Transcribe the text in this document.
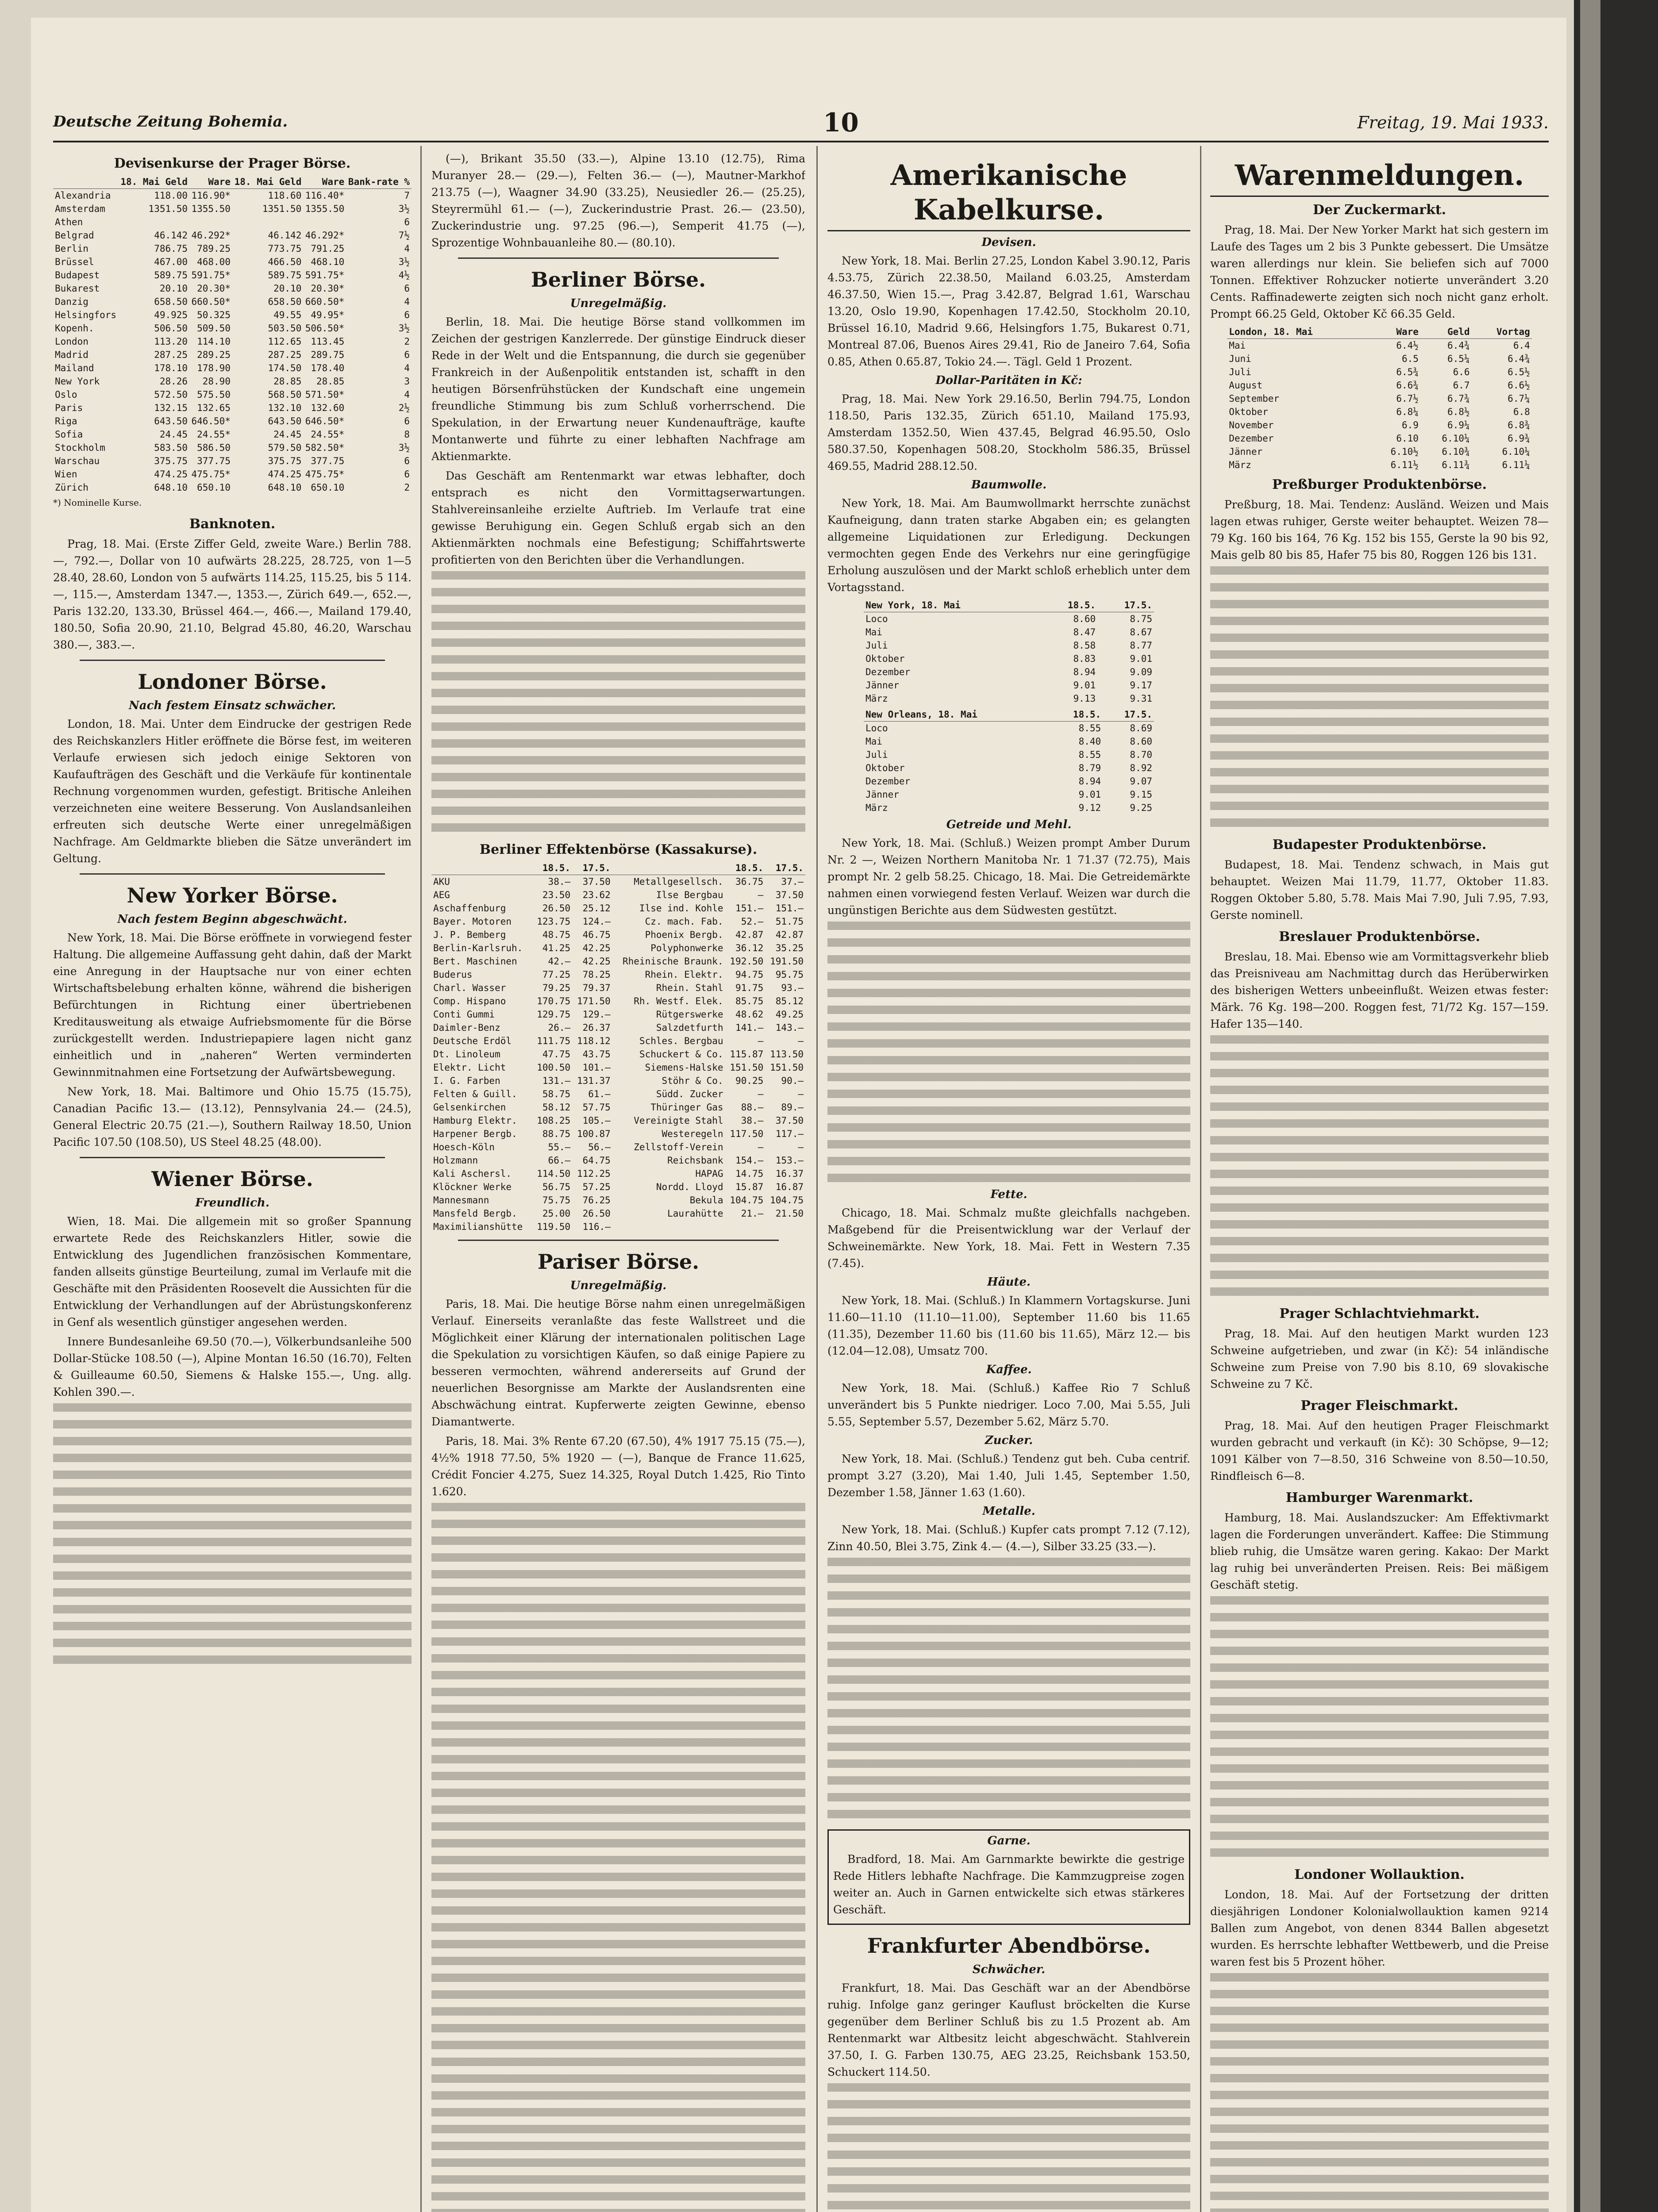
Deutsche Zeitung Bohemia.	10	Freitag, 19. Mai 1933.
Devisenkurse der Prager Börse.
	18. Mai Geld	Ware	18. Mai Geld	Ware	Bank-rate %
Alexandria	118.00	116.90*	118.60	116.40*	7
Amsterdam	1351.50	1355.50	1351.50	1355.50	3½
Athen					6
Belgrad	46.142	46.292*	46.142	46.292*	7½
Berlin	786.75	789.25	773.75	791.25	4
Brüssel	467.00	468.00	466.50	468.10	3½
Budapest	589.75	591.75*	589.75	591.75*	4½
Bukarest	20.10	20.30*	20.10	20.30*	6
Danzig	658.50	660.50*	658.50	660.50*	4
Helsingfors	49.925	50.325	49.55	49.95*	6
Kopenh.	506.50	509.50	503.50	506.50*	3½
London	113.20	114.10	112.65	113.45	2
Madrid	287.25	289.25	287.25	289.75	6
Mailand	178.10	178.90	174.50	178.40	4
New York	28.26	28.90	28.85	28.85	3
Oslo	572.50	575.50	568.50	571.50*	4
Paris	132.15	132.65	132.10	132.60	2½
Riga	643.50	646.50*	643.50	646.50*	6
Sofia	24.45	24.55*	24.45	24.55*	8
Stockholm	583.50	586.50	579.50	582.50*	3½
Warschau	375.75	377.75	375.75	377.75	6
Wien	474.25	475.75*	474.25	475.75*	6
Zürich	648.10	650.10	648.10	650.10	2
*) Nominelle Kurse.
Banknoten.

Prag, 18. Mai. (Erste Ziffer Geld, zweite Ware.) Berlin 788.—, 792.—, Dollar von 10 aufwärts 28.225, 28.725, von 1—5 28.40, 28.60, London von 5 aufwärts 114.25, 115.25, bis 5 114.—, 115.—, Amsterdam 1347.—, 1353.—, Zürich 649.—, 652.—, Paris 132.20, 133.30, Brüssel 464.—, 466.—, Mailand 179.40, 180.50, Sofia 20.90, 21.10, Belgrad 45.80, 46.20, Warschau 380.—, 383.—.

Londoner Börse.
Nach festem Einsatz schwächer.

London, 18. Mai. Unter dem Eindrucke der gestrigen Rede des Reichskanzlers Hitler eröffnete die Börse fest, im weiteren Verlaufe erwiesen sich jedoch einige Sektoren von Kaufaufträgen des Geschäft und die Verkäufe für kontinentale Rechnung vorgenommen wurden, gefestigt. Britische Anleihen verzeichneten eine weitere Besserung. Von Auslandsanleihen erfreuten sich deutsche Werte einer unregelmäßigen Nachfrage. Am Geldmarkte blieben die Sätze unverändert im Geltung.

New Yorker Börse.
Nach festem Beginn abgeschwächt.

New York, 18. Mai. Die Börse eröffnete in vorwiegend fester Haltung. Die allgemeine Auffassung geht dahin, daß der Markt eine Anregung in der Hauptsache nur von einer echten Wirtschaftsbelebung erhalten könne, während die bisherigen Befürchtungen in Richtung einer übertriebenen Kreditausweitung als etwaige Aufriebsmomente für die Börse zurückgestellt werden. Industriepapiere lagen nicht ganz einheitlich und in „naheren“ Werten verminderten Gewinnmitnahmen eine Fortsetzung der Aufwärtsbewegung.

New York, 18. Mai. Baltimore und Ohio 15.75 (15.75), Canadian Pacific 13.— (13.12), Pennsylvania 24.— (24.5), General Electric 20.75 (21.—), Southern Railway 18.50, Union Pacific 107.50 (108.50), US Steel 48.25 (48.00).

Wiener Börse.
Freundlich.

Wien, 18. Mai. Die allgemein mit so großer Spannung erwartete Rede des Reichskanzlers Hitler, sowie die Entwicklung des Jugendlichen französischen Kommentare, fanden allseits günstige Beurteilung, zumal im Verlaufe mit die Geschäfte mit den Präsidenten Roosevelt die Aussichten für die Entwicklung der Verhandlungen auf der Abrüstungskonferenz in Genf als wesentlich günstiger angesehen werden.

Innere Bundesanleihe 69.50 (70.—), Völkerbundsanleihe 500 Dollar-Stücke 108.50 (—), Alpine Montan 16.50 (16.70), Felten & Guilleaume 60.50, Siemens & Halske 155.—, Ung. allg. Kohlen 390.—.

(—), Brikant 35.50 (33.—), Alpine 13.10 (12.75), Rima Muranyer 28.— (29.—), Felten 36.— (—), Mautner-Markhof 213.75 (—), Waagner 34.90 (33.25), Neusiedler 26.— (25.25), Steyrermühl 61.— (—), Zuckerindustrie Prast. 26.— (23.50), Zuckerindustrie ung. 97.25 (96.—), Semperit 41.75 (—), Sprozentige Wohnbauanleihe 80.— (80.10).

Berliner Börse.
Unregelmäßig.

Berlin, 18. Mai. Die heutige Börse stand vollkommen im Zeichen der gestrigen Kanzlerrede. Der günstige Eindruck dieser Rede in der Welt und die Entspannung, die durch sie gegenüber Frankreich in der Außenpolitik entstanden ist, schafft in den heutigen Börsenfrühstücken der Kundschaft eine ungemein freundliche Stimmung bis zum Schluß vorherrschend. Die Spekulation, in der Erwartung neuer Kundenaufträge, kaufte Montanwerte und führte zu einer lebhaften Nachfrage am Aktienmarkte.

Das Geschäft am Rentenmarkt war etwas lebhafter, doch entsprach es nicht den Vormittagserwartungen. Stahlvereinsanleihe erzielte Auftrieb. Im Verlaufe trat eine gewisse Beruhigung ein. Gegen Schluß ergab sich an den Aktienmärkten nochmals eine Befestigung; Schiffahrtswerte profitierten von den Berichten über die Verhandlungen.

Berliner Effektenbörse (Kassakurse).
	18.5.	17.5.		18.5.	17.5.
AKU	38.—	37.50	Metallgesellsch.	36.75	37.—
AEG	23.50	23.62	Ilse Bergbau	—	37.50
Aschaffenburg	26.50	25.12	Ilse ind. Kohle	151.—	151.—
Bayer. Motoren	123.75	124.—	Cz. mach. Fab.	52.—	51.75
J. P. Bemberg	48.75	46.75	Phoenix Bergb.	42.87	42.87
Berlin-Karlsruh.	41.25	42.25	Polyphonwerke	36.12	35.25
Bert. Maschinen	42.—	42.25	Rheinische Braunk.	192.50	191.50
Buderus	77.25	78.25	Rhein. Elektr.	94.75	95.75
Charl. Wasser	79.25	79.37	Rhein. Stahl	91.75	93.—
Comp. Hispano	170.75	171.50	Rh. Westf. Elek.	85.75	85.12
Conti Gummi	129.75	129.—	Rütgerswerke	48.62	49.25
Daimler-Benz	26.—	26.37	Salzdetfurth	141.—	143.—
Deutsche Erdöl	111.75	118.12	Schles. Bergbau	—	—
Dt. Linoleum	47.75	43.75	Schuckert & Co.	115.87	113.50
Elektr. Licht	100.50	101.—	Siemens-Halske	151.50	151.50
I. G. Farben	131.—	131.37	Stöhr & Co.	90.25	90.—
Felten & Guill.	58.75	61.—	Südd. Zucker	—	—
Gelsenkirchen	58.12	57.75	Thüringer Gas	88.—	89.—
Hamburg Elektr.	108.25	105.—	Vereinigte Stahl	38.—	37.50
Harpener Bergb.	88.75	100.87	Westeregeln	117.50	117.—
Hoesch-Köln	55.—	56.—	Zellstoff-Verein	—	—
Holzmann	66.—	64.75	Reichsbank	154.—	153.—
Kali Aschersl.	114.50	112.25	HAPAG	14.75	16.37
Klöckner Werke	56.75	57.25	Nordd. Lloyd	15.87	16.87
Mannesmann	75.75	76.25	Bekula	104.75	104.75
Mansfeld Bergb.	25.00	26.50	Laurahütte	21.—	21.50
Maximilianshütte	119.50	116.—			
Pariser Börse.
Unregelmäßig.

Paris, 18. Mai. Die heutige Börse nahm einen unregelmäßigen Verlauf. Einerseits veranlaßte das feste Wallstreet und die Möglichkeit einer Klärung der internationalen politischen Lage die Spekulation zu vorsichtigen Käufen, so daß einige Papiere zu besseren vermochten, während andererseits auf Grund der neuerlichen Besorgnisse am Markte der Auslandsrenten eine Abschwächung eintrat. Kupferwerte zeigten Gewinne, ebenso Diamantwerte.

Paris, 18. Mai. 3% Rente 67.20 (67.50), 4% 1917 75.15 (75.—), 4½% 1918 77.50, 5% 1920 — (—), Banque de France 11.625, Crédit Foncier 4.275, Suez 14.325, Royal Dutch 1.425, Rio Tinto 1.620.

Amerikanische Kabelkurse.
Devisen.

New York, 18. Mai. Berlin 27.25, London Kabel 3.90.12, Paris 4.53.75, Zürich 22.38.50, Mailand 6.03.25, Amsterdam 46.37.50, Wien 15.—, Prag 3.42.87, Belgrad 1.61, Warschau 13.20, Oslo 19.90, Kopenhagen 17.42.50, Stockholm 20.10, Brüssel 16.10, Madrid 9.66, Helsingfors 1.75, Bukarest 0.71, Montreal 87.06, Buenos Aires 29.41, Rio de Janeiro 7.64, Sofia 0.85, Athen 0.65.87, Tokio 24.—. Tägl. Geld 1 Prozent.

Dollar-Paritäten in Kč:

Prag, 18. Mai. New York 29.16.50, Berlin 794.75, London 118.50, Paris 132.35, Zürich 651.10, Mailand 175.93, Amsterdam 1352.50, Wien 437.45, Belgrad 46.95.50, Oslo 580.37.50, Kopenhagen 508.20, Stockholm 586.35, Brüssel 469.55, Madrid 288.12.50.

Baumwolle.

New York, 18. Mai. Am Baumwollmarkt herrschte zunächst Kaufneigung, dann traten starke Abgaben ein; es gelangten allgemeine Liquidationen zur Erledigung. Deckungen vermochten gegen Ende des Verkehrs nur eine geringfügige Erholung auszulösen und der Markt schloß erheblich unter dem Vortagsstand.

New York, 18. Mai	18.5.	17.5.
Loco	8.60	8.75
Mai	8.47	8.67
Juli	8.58	8.77
Oktober	8.83	9.01
Dezember	8.94	9.09
Jänner	9.01	9.17
März	9.13	9.31
New Orleans, 18. Mai	18.5.	17.5.
Loco	8.55	8.69
Mai	8.40	8.60
Juli	8.55	8.70
Oktober	8.79	8.92
Dezember	8.94	9.07
Jänner	9.01	9.15
März	9.12	9.25
Getreide und Mehl.

New York, 18. Mai. (Schluß.) Weizen prompt Amber Durum Nr. 2 —, Weizen Northern Manitoba Nr. 1 71.37 (72.75), Mais prompt Nr. 2 gelb 58.25. Chicago, 18. Mai. Die Getreidemärkte nahmen einen vorwiegend festen Verlauf. Weizen war durch die ungünstigen Berichte aus dem Südwesten gestützt.

Fette.

Chicago, 18. Mai. Schmalz mußte gleichfalls nachgeben. Maßgebend für die Preisentwicklung war der Verlauf der Schweinemärkte. New York, 18. Mai. Fett in Western 7.35 (7.45).

Häute.

New York, 18. Mai. (Schluß.) In Klammern Vortagskurse. Juni 11.60—11.10 (11.10—11.00), September 11.60 bis 11.65 (11.35), Dezember 11.60 bis (11.60 bis 11.65), März 12.— bis (12.04—12.08), Umsatz 700.

Kaffee.

New York, 18. Mai. (Schluß.) Kaffee Rio 7 Schluß unverändert bis 5 Punkte niedriger. Loco 7.00, Mai 5.55, Juli 5.55, September 5.57, Dezember 5.62, März 5.70.

Zucker.

New York, 18. Mai. (Schluß.) Tendenz gut beh. Cuba centrif. prompt 3.27 (3.20), Mai 1.40, Juli 1.45, September 1.50, Dezember 1.58, Jänner 1.63 (1.60).

Metalle.

New York, 18. Mai. (Schluß.) Kupfer cats prompt 7.12 (7.12), Zinn 40.50, Blei 3.75, Zink 4.— (4.—), Silber 33.25 (33.—).

Garne.

Bradford, 18. Mai. Am Garnmarkte bewirkte die gestrige Rede Hitlers lebhafte Nachfrage. Die Kammzugpreise zogen weiter an. Auch in Garnen entwickelte sich etwas stärkeres Geschäft.

Frankfurter Abendbörse.
Schwächer.

Frankfurt, 18. Mai. Das Geschäft war an der Abendbörse ruhig. Infolge ganz geringer Kauflust bröckelten die Kurse gegenüber dem Berliner Schluß bis zu 1.5 Prozent ab. Am Rentenmarkt war Altbesitz leicht abgeschwächt. Stahlverein 37.50, I. G. Farben 130.75, AEG 23.25, Reichsbank 153.50, Schuckert 114.50.

Warenmeldungen.
Der Zuckermarkt.

Prag, 18. Mai. Der New Yorker Markt hat sich gestern im Laufe des Tages um 2 bis 3 Punkte gebessert. Die Umsätze waren allerdings nur klein. Sie beliefen sich auf 7000 Tonnen. Effektiver Rohzucker notierte unverändert 3.20 Cents. Raffinadewerte zeigten sich noch nicht ganz erholt. Prompt 66.25 Geld, Oktober Kč 66.35 Geld.

London, 18. Mai	Ware	Geld	Vortag
Mai	6.4½	6.4¾	6.4
Juni	6.5	6.5¼	6.4¾
Juli	6.5¾	6.6	6.5½
August	6.6¾	6.7	6.6½
September	6.7½	6.7¾	6.7¼
Oktober	6.8¼	6.8½	6.8
November	6.9	6.9¼	6.8¾
Dezember	6.10	6.10¼	6.9¾
Jänner	6.10½	6.10¾	6.10¼
März	6.11½	6.11¾	6.11¼
Preßburger Produktenbörse.

Preßburg, 18. Mai. Tendenz: Ausländ. Weizen und Mais lagen etwas ruhiger, Gerste weiter behauptet. Weizen 78—79 Kg. 160 bis 164, 76 Kg. 152 bis 155, Gerste la 90 bis 92, Mais gelb 80 bis 85, Hafer 75 bis 80, Roggen 126 bis 131.

Budapester Produktenbörse.

Budapest, 18. Mai. Tendenz schwach, in Mais gut behauptet. Weizen Mai 11.79, 11.77, Oktober 11.83. Roggen Oktober 5.80, 5.78. Mais Mai 7.90, Juli 7.95, 7.93, Gerste nominell.

Breslauer Produktenbörse.

Breslau, 18. Mai. Ebenso wie am Vormittagsverkehr blieb das Preisniveau am Nachmittag durch das Herüberwirken des bisherigen Wetters unbeeinflußt. Weizen etwas fester: Märk. 76 Kg. 198—200. Roggen fest, 71/72 Kg. 157—159. Hafer 135—140.

Prager Schlachtviehmarkt.

Prag, 18. Mai. Auf den heutigen Markt wurden 123 Schweine aufgetrieben, und zwar (in Kč): 54 inländische Schweine zum Preise von 7.90 bis 8.10, 69 slovakische Schweine zu 7 Kč.

Prager Fleischmarkt.

Prag, 18. Mai. Auf den heutigen Prager Fleischmarkt wurden gebracht und verkauft (in Kč): 30 Schöpse, 9—12; 1091 Kälber von 7—8.50, 316 Schweine von 8.50—10.50, Rindfleisch 6—8.

Hamburger Warenmarkt.

Hamburg, 18. Mai. Auslandszucker: Am Effektivmarkt lagen die Forderungen unverändert. Kaffee: Die Stimmung blieb ruhig, die Umsätze waren gering. Kakao: Der Markt lag ruhig bei unveränderten Preisen. Reis: Bei mäßigem Geschäft stetig.

Londoner Wollauktion.

London, 18. Mai. Auf der Fortsetzung der dritten diesjährigen Londoner Kolonialwollauktion kamen 9214 Ballen zum Angebot, von denen 8344 Ballen abgesetzt wurden. Es herrschte lebhafter Wettbewerb, und die Preise waren fest bis 5 Prozent höher.
